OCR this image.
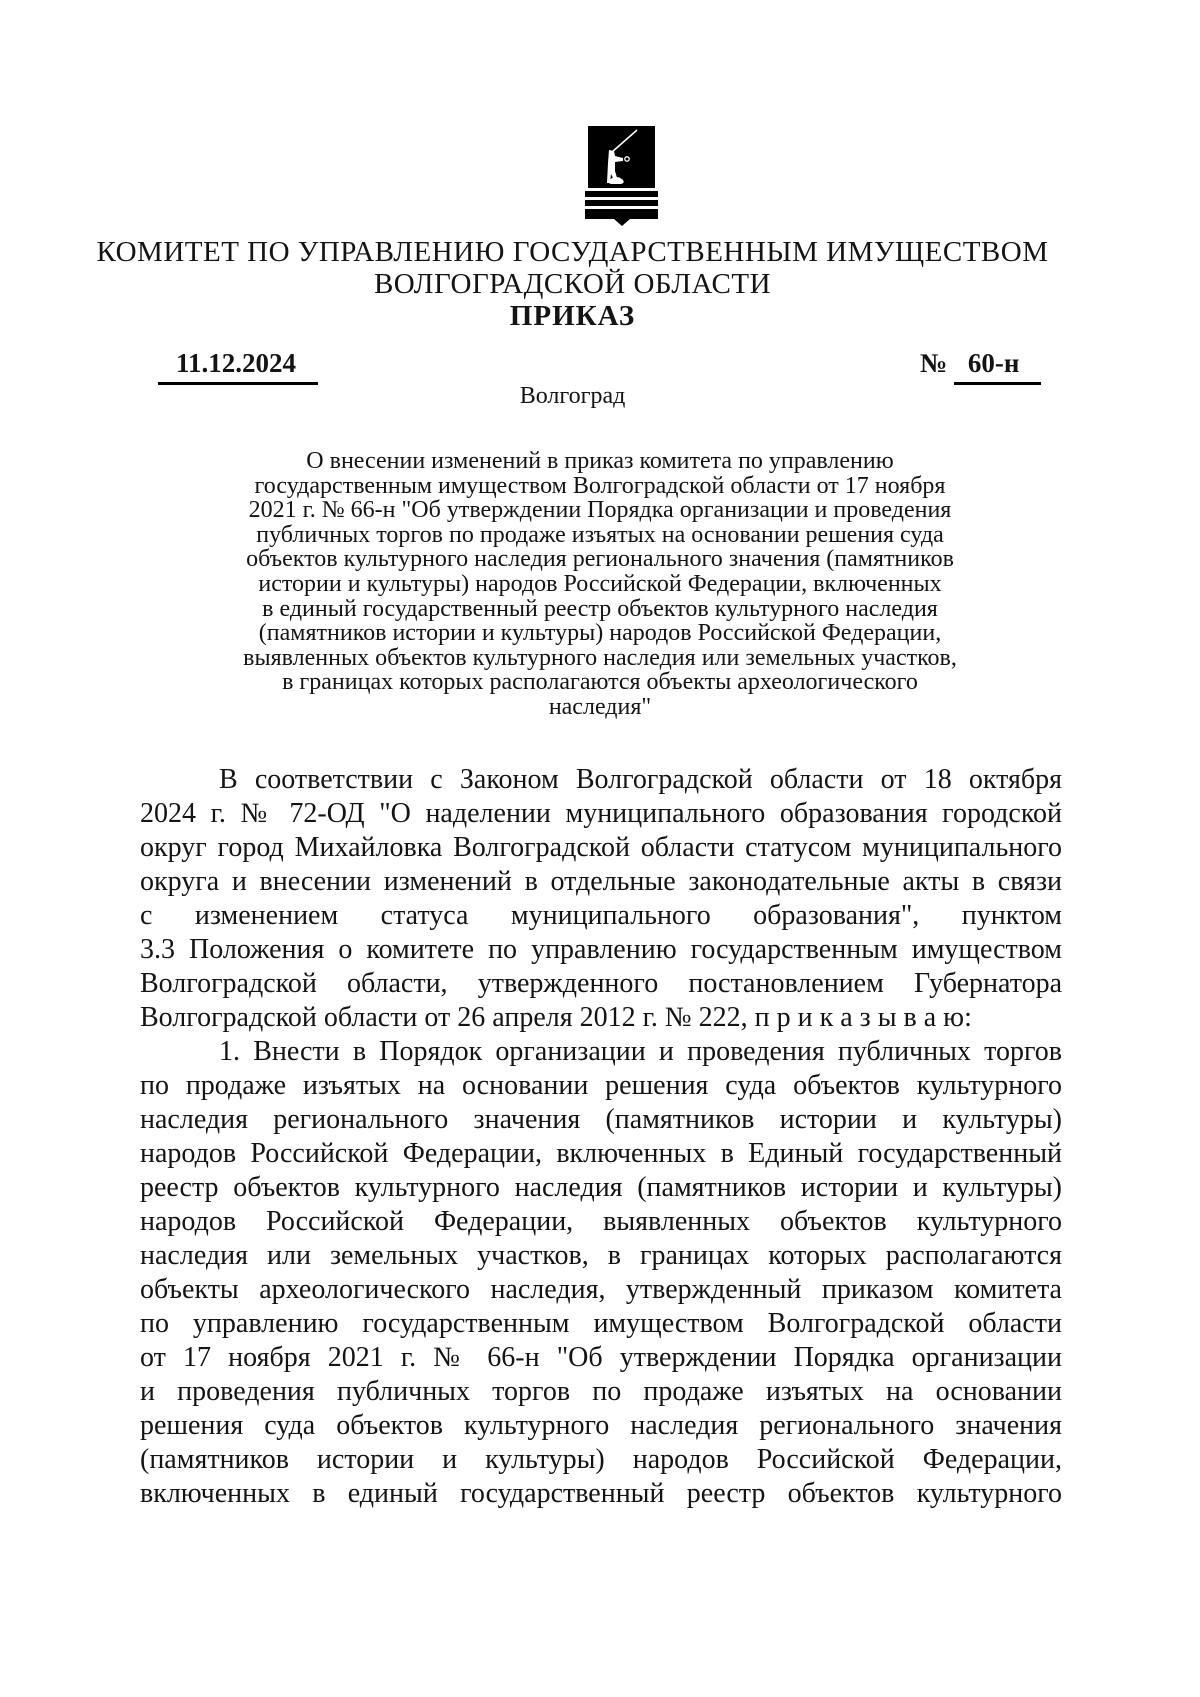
КОМИТЕТ ПО УПРАВЛЕНИЮ ГОСУДАРСТВЕННЫМ ИМУЩЕСТВОМ
ВОЛГОГРАДСКОЙ ОБЛАСТИ
ПРИКАЗ
11.12.2024	№ 60-н
Волгоград
О внесении изменений в приказ комитета по управлению
государственным имуществом Волгоградской области от 17 ноября
2021 г. № 66-н "Об утверждении Порядка организации и проведения
публичных торгов по продаже изъятых на основании решения суда
объектов культурного наследия регионального значения (памятников
истории и культуры) народов Российской Федерации, включенных
в единый государственный реестр объектов культурного наследия
(памятников истории и культуры) народов Российской Федерации,
выявленных объектов культурного наследия или земельных участков,
в границах которых располагаются объекты археологического
наследия"
В соответствии с Законом Волгоградской области от 18 октября
2024 г. № 72-ОД "О наделении муниципального образования городской
округ город Михайловка Волгоградской области статусом муниципального
округа и внесении изменений в отдельные законодательные акты в связи
с изменением статуса муниципального образования", пунктом
3.3 Положения о комитете по управлению государственным имуществом
Волгоградской области, утвержденного постановлением Губернатора
Волгоградской области от 26 апреля 2012 г. № 222, п р и к а з ы в а ю:
1. Внести в Порядок организации и проведения публичных торгов
по продаже изъятых на основании решения суда объектов культурного
наследия регионального значения (памятников истории и культуры)
народов Российской Федерации, включенных в Единый государственный
реестр объектов культурного наследия (памятников истории и культуры)
народов Российской Федерации, выявленных объектов культурного
наследия или земельных участков, в границах которых располагаются
объекты археологического наследия, утвержденный приказом комитета
по управлению государственным имуществом Волгоградской области
от 17 ноября 2021 г. № 66-н "Об утверждении Порядка организации
и проведения публичных торгов по продаже изъятых на основании
решения суда объектов культурного наследия регионального значения
(памятников истории и культуры) народов Российской Федерации,
включенных в единый государственный реестр объектов культурного
